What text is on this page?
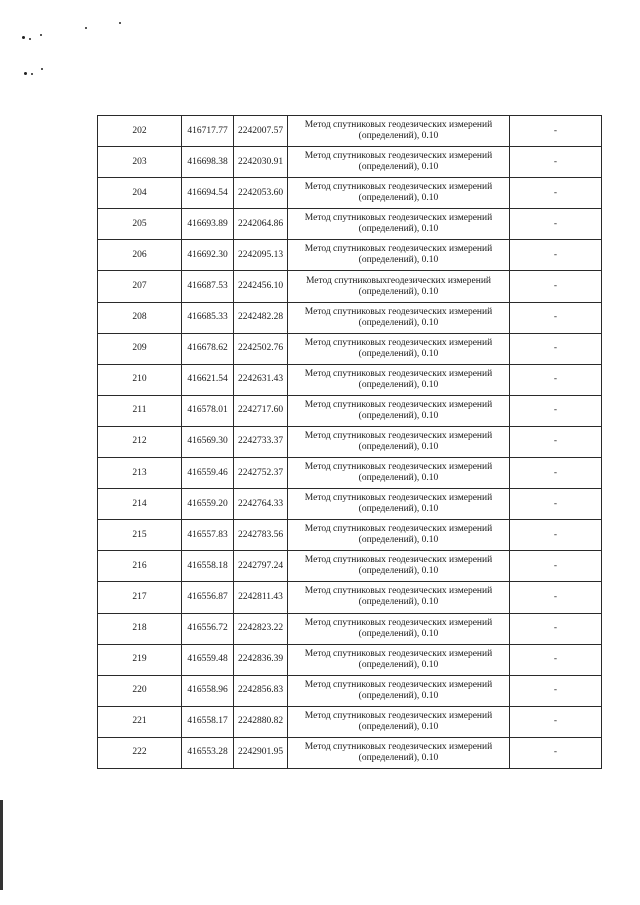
202	416717.77	2242007.57	Метод спутниковых геодезических измерений (определений), 0.10	-
203	416698.38	2242030.91	Метод спутниковых геодезических измерений (определений), 0.10	-
204	416694.54	2242053.60	Метод спутниковых геодезических измерений (определений), 0.10	-
205	416693.89	2242064.86	Метод спутниковых геодезических измерений (определений), 0.10	-
206	416692.30	2242095.13	Метод спутниковых геодезических измерений (определений), 0.10	-
207	416687.53	2242456.10	Метод спутниковыхгеодезических измерений (определений), 0.10	-
208	416685.33	2242482.28	Метод спутниковых геодезических измерений (определений), 0.10	-
209	416678.62	2242502.76	Метод спутниковых геодезических измерений (определений), 0.10	-
210	416621.54	2242631.43	Метод спутниковых геодезических измерений (определений), 0.10	-
211	416578.01	2242717.60	Метод спутниковых геодезических измерений (определений), 0.10	-
212	416569.30	2242733.37	Метод спутниковых геодезических измерений (определений), 0.10	-
213	416559.46	2242752.37	Метод спутниковых геодезических измерений (определений), 0.10	-
214	416559.20	2242764.33	Метод спутниковых геодезических измерений (определений), 0.10	-
215	416557.83	2242783.56	Метод спутниковых геодезических измерений (определений), 0.10	-
216	416558.18	2242797.24	Метод спутниковых геодезических измерений (определений), 0.10	-
217	416556.87	2242811.43	Метод спутниковых геодезических измерений (определений), 0.10	-
218	416556.72	2242823.22	Метод спутниковых геодезических измерений (определений), 0.10	-
219	416559.48	2242836.39	Метод спутниковых геодезических измерений (определений), 0.10	-
220	416558.96	2242856.83	Метод спутниковых геодезических измерений (определений), 0.10	-
221	416558.17	2242880.82	Метод спутниковых геодезических измерений (определений), 0.10	-
222	416553.28	2242901.95	Метод спутниковых геодезических измерений (определений), 0.10	-
